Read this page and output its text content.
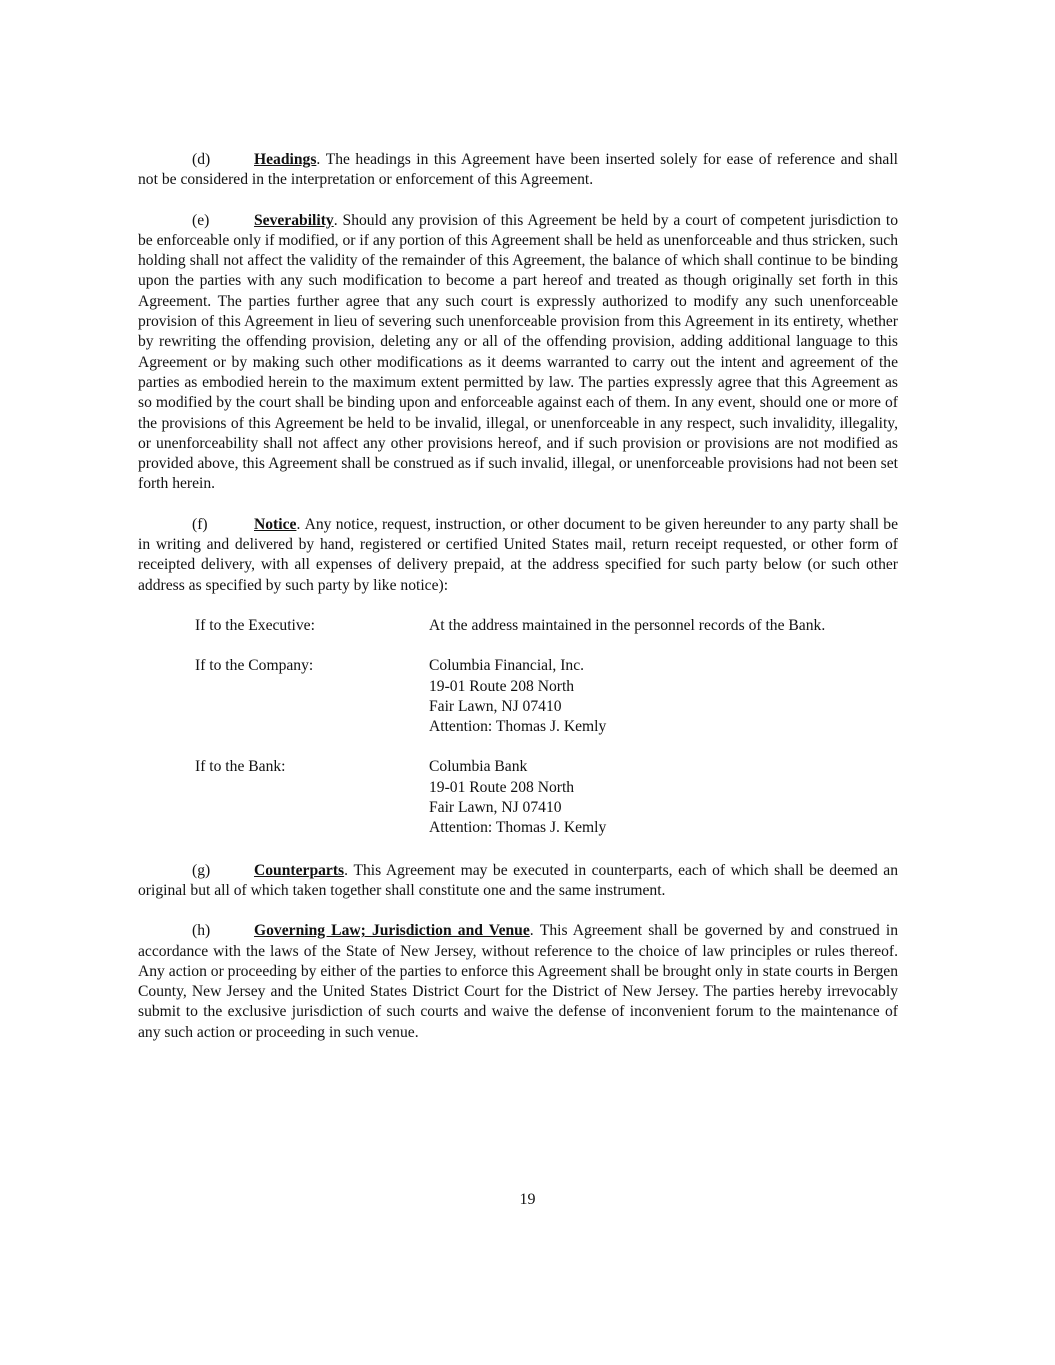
(d)	Headings. The headings in this Agreement have been inserted solely for ease of reference and shall not be considered in the interpretation or enforcement of this Agreement.

(e)	Severability. Should any provision of this Agreement be held by a court of competent jurisdiction to be enforceable only if modified, or if any portion of this Agreement shall be held as unenforceable and thus stricken, such holding shall not affect the validity of the remainder of this Agreement, the balance of which shall continue to be binding upon the parties with any such modification to become a part hereof and treated as though originally set forth in this Agreement. The parties further agree that any such court is expressly authorized to modify any such unenforceable provision of this Agreement in lieu of severing such unenforceable provision from this Agreement in its entirety, whether by rewriting the offending provision, deleting any or all of the offending provision, adding additional language to this Agreement or by making such other modifications as it deems warranted to carry out the intent and agreement of the parties as embodied herein to the maximum extent permitted by law. The parties expressly agree that this Agreement as so modified by the court shall be binding upon and enforceable against each of them. In any event, should one or more of the provisions of this Agreement be held to be invalid, illegal, or unenforceable in any respect, such invalidity, illegality, or unenforceability shall not affect any other provisions hereof, and if such provision or provisions are not modified as provided above, this Agreement shall be construed as if such invalid, illegal, or unenforceable provisions had not been set forth herein.

(f)	Notice. Any notice, request, instruction, or other document to be given hereunder to any party shall be in writing and delivered by hand, registered or certified United States mail, return receipt requested, or other form of receipted delivery, with all expenses of delivery prepaid, at the address specified for such party below (or such other address as specified by such party by like notice):

If to the Executive:	At the address maintained in the personnel records of the Bank.
If to the Company:	Columbia Financial, Inc.
19-01 Route 208 North
Fair Lawn, NJ 07410
Attention: Thomas J. Kemly
If to the Bank:	Columbia Bank
19-01 Route 208 North
Fair Lawn, NJ 07410
Attention: Thomas J. Kemly

(g)	Counterparts. This Agreement may be executed in counterparts, each of which shall be deemed an original but all of which taken together shall constitute one and the same instrument.

(h)	Governing Law; Jurisdiction and Venue. This Agreement shall be governed by and construed in accordance with the laws of the State of New Jersey, without reference to the choice of law principles or rules thereof. Any action or proceeding by either of the parties to enforce this Agreement shall be brought only in state courts in Bergen County, New Jersey and the United States District Court for the District of New Jersey. The parties hereby irrevocably submit to the exclusive jurisdiction of such courts and waive the defense of inconvenient forum to the maintenance of any such action or proceeding in such venue.

19
